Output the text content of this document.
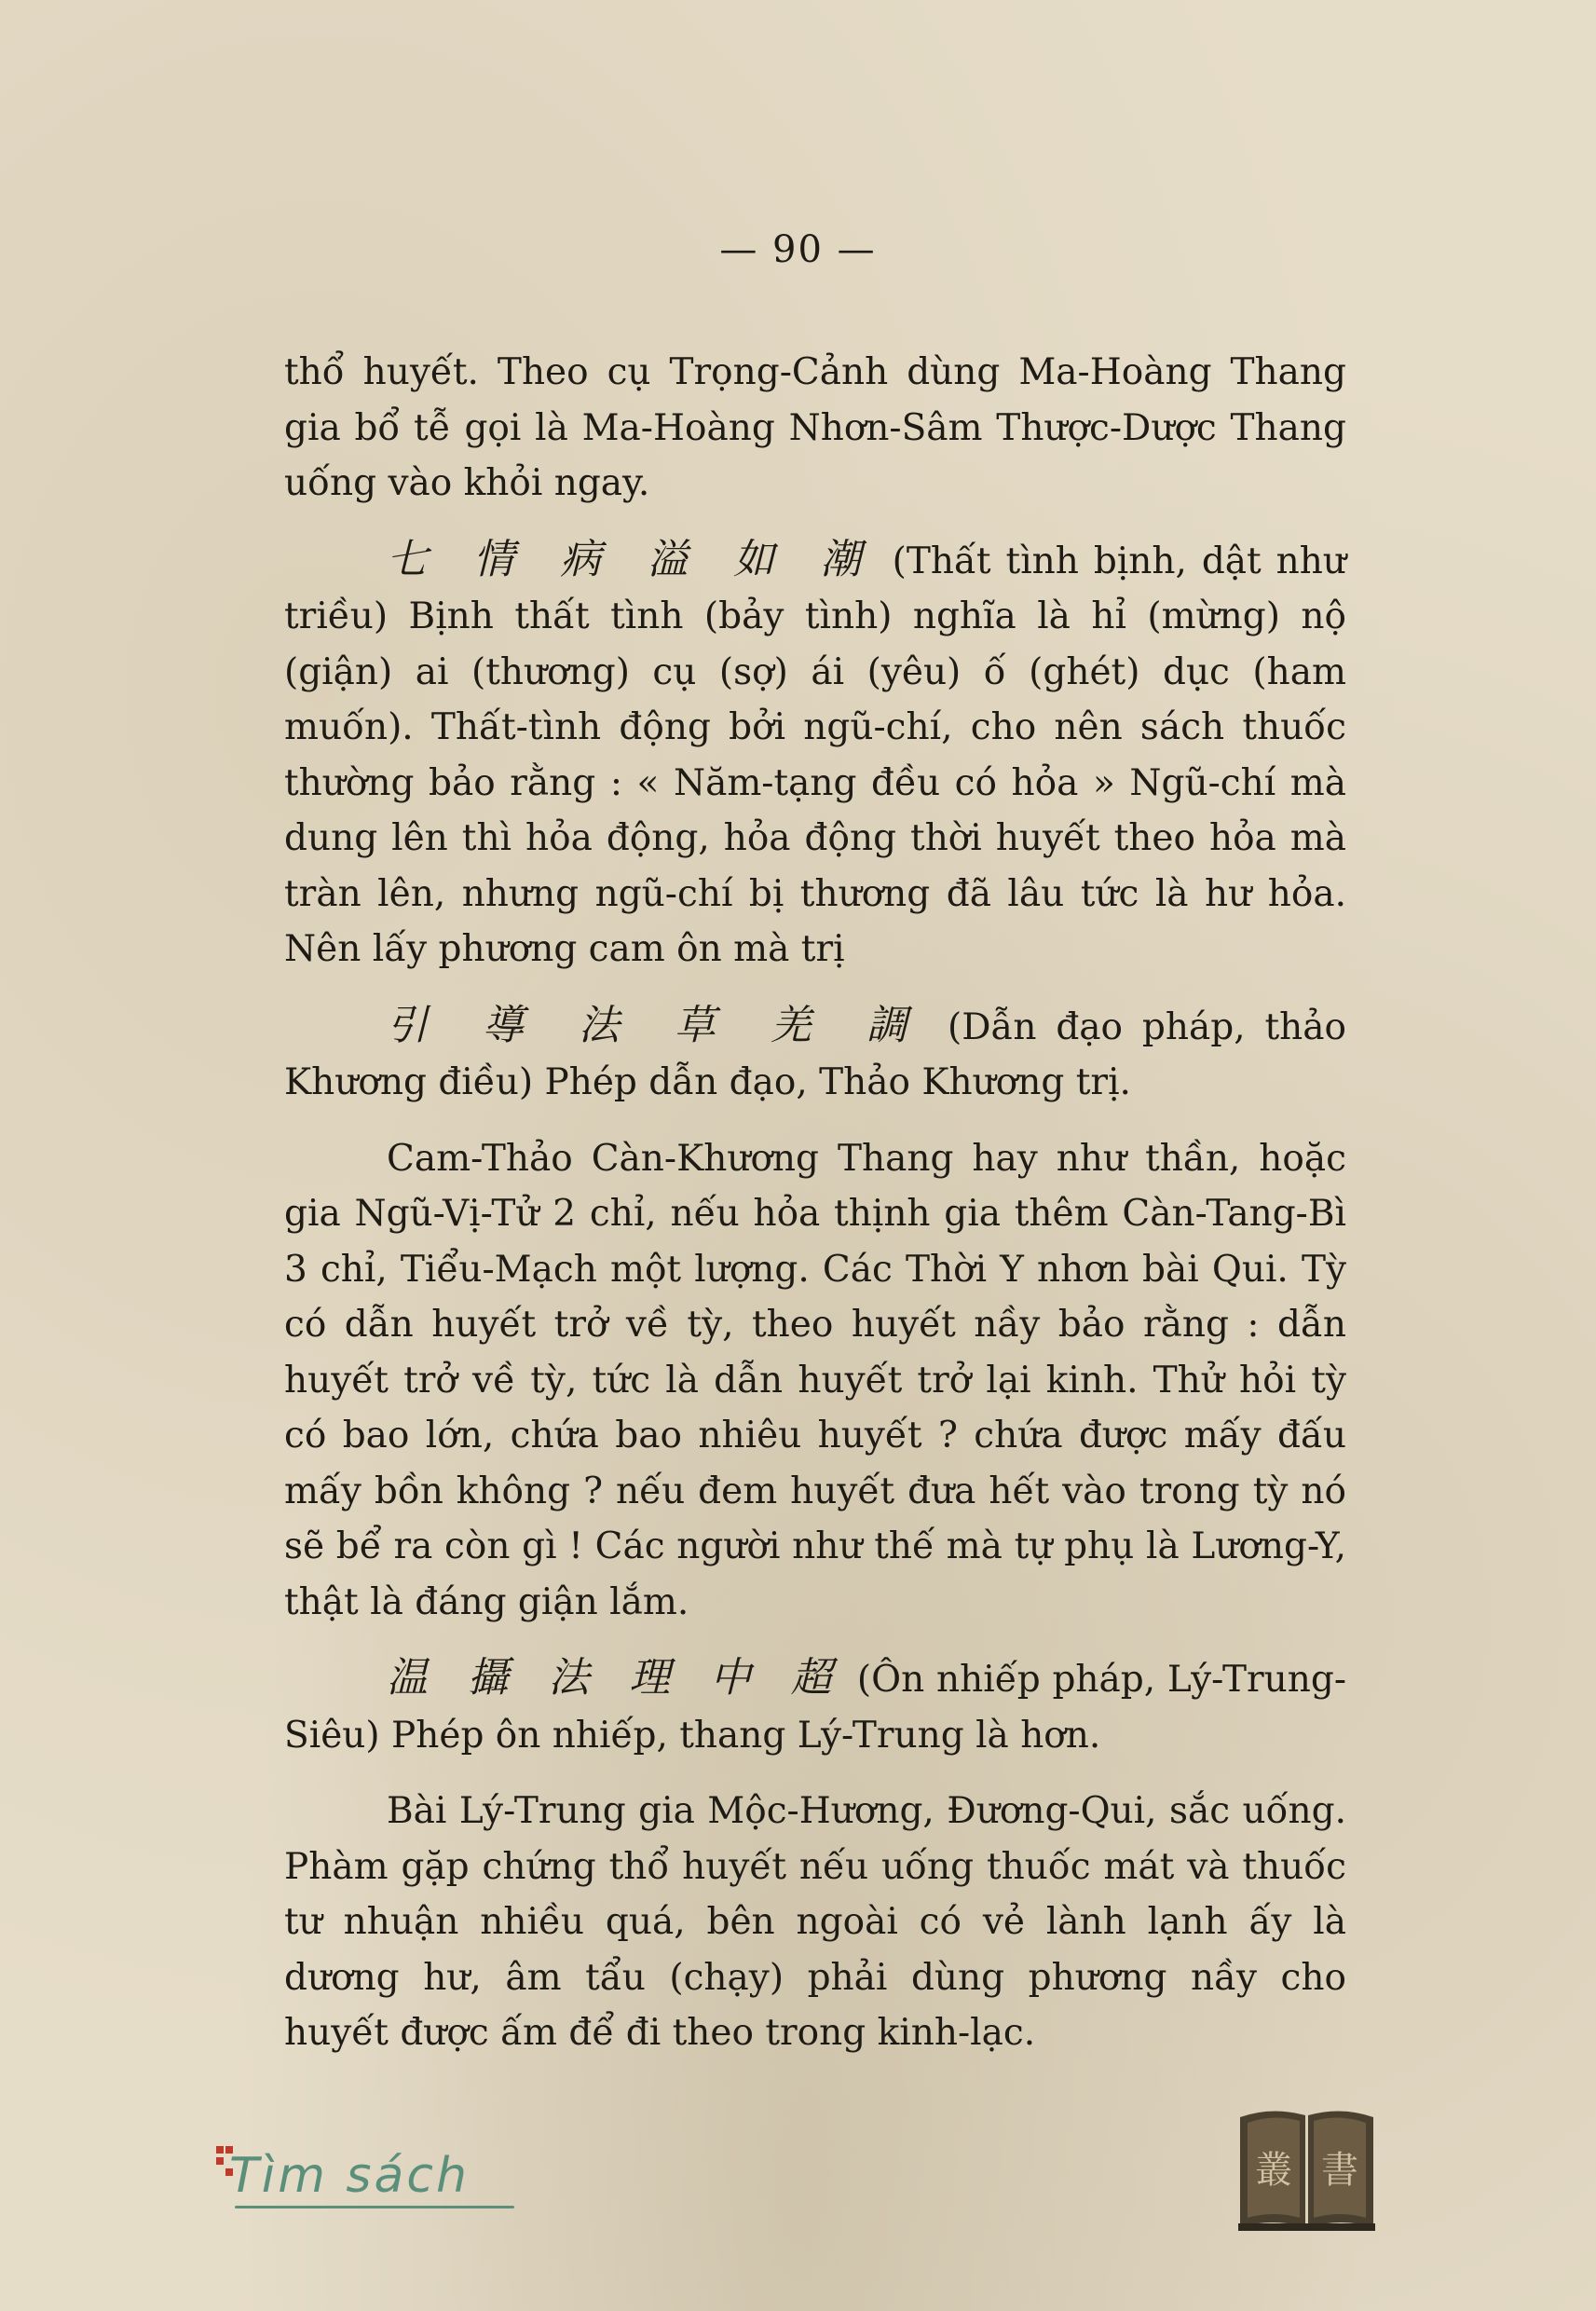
— 90 —

thổ huyết. Theo cụ Trọng-Cảnh dùng Ma-Hoàng Thang gia bổ tễ gọi là Ma-Hoàng Nhơn-Sâm Thược-Dược Thang uống vào khỏi ngay.

七 情 病 溢 如 潮 (Thất tình bịnh, dật như triều) Bịnh thất tình (bảy tình) nghĩa là hỉ (mừng) nộ (giận) ai (thương) cụ (sợ) ái (yêu) ố (ghét) dục (ham muốn). Thất-tình động bởi ngũ-chí, cho nên sách thuốc thường bảo rằng : « Năm-tạng đều có hỏa » Ngũ-chí mà dung lên thì hỏa động, hỏa động thời huyết theo hỏa mà tràn lên, nhưng ngũ-chí bị thương đã lâu tức là hư hỏa. Nên lấy phương cam ôn mà trị

引 導 法 草 羌 調 (Dẫn đạo pháp, thảo Khương điều) Phép dẫn đạo, Thảo Khương trị.

Cam-Thảo Càn-Khương Thang hay như thần, hoặc gia Ngũ-Vị-Tử 2 chỉ, nếu hỏa thịnh gia thêm Càn-Tang-Bì 3 chỉ, Tiểu-Mạch một lượng. Các Thời Y nhơn bài Qui. Tỳ có dẫn huyết trở về tỳ, theo huyết nầy bảo rằng : dẫn huyết trở về tỳ, tức là dẫn huyết trở lại kinh. Thử hỏi tỳ có bao lớn, chứa bao nhiêu huyết ? chứa được mấy đấu mấy bồn không ? nếu đem huyết đưa hết vào trong tỳ nó sẽ bể ra còn gì ! Các người như thế mà tự phụ là Lương-Y, thật là đáng giận lắm.

温 攝 法 理 中 超 (Ôn nhiếp pháp, Lý-Trung-Siêu) Phép ôn nhiếp, thang Lý-Trung là hơn.

Bài Lý-Trung gia Mộc-Hương, Đương-Qui, sắc uống. Phàm gặp chứng thổ huyết nếu uống thuốc mát và thuốc tư nhuận nhiều quá, bên ngoài có vẻ lành lạnh ấy là dương hư, âm tẩu (chạy) phải dùng phương nầy cho huyết được ấm để đi theo trong kinh-lạc.

Tìm sách	叢 書
